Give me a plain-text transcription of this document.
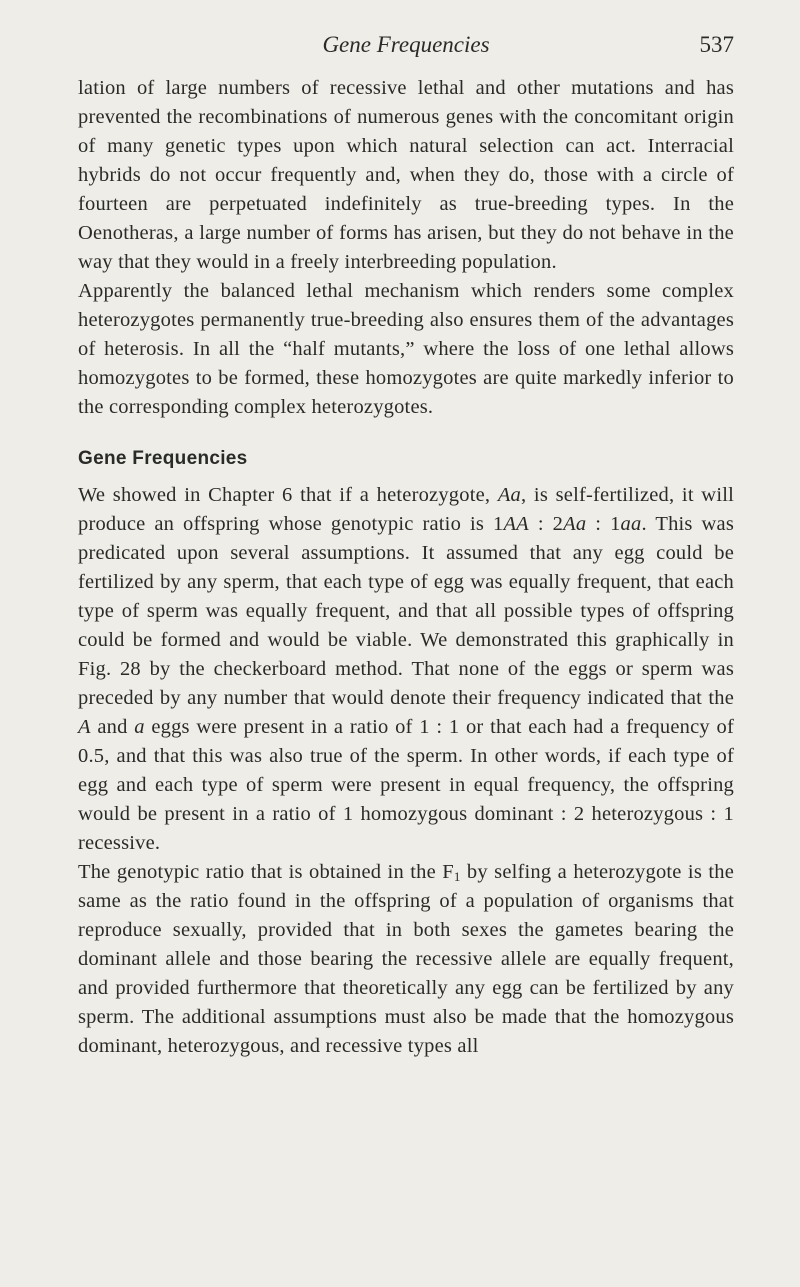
Gene Frequencies	537

lation of large numbers of recessive lethal and other mutations and has prevented the recombinations of numerous genes with the concomitant origin of many genetic types upon which natural selection can act. Interracial hybrids do not occur frequently and, when they do, those with a circle of fourteen are perpetuated indefinitely as true-breeding types. In the Oenotheras, a large number of forms has arisen, but they do not behave in the way that they would in a freely interbreeding population.

Apparently the balanced lethal mechanism which renders some complex heterozygotes permanently true-breeding also ensures them of the advantages of heterosis. In all the “half mutants,” where the loss of one lethal allows homozygotes to be formed, these homozygotes are quite markedly inferior to the corresponding complex heterozygotes.

Gene Frequencies

We showed in Chapter 6 that if a heterozygote, Aa, is self-fertilized, it will produce an offspring whose genotypic ratio is 1AA : 2Aa : 1aa. This was predicated upon several assumptions. It assumed that any egg could be fertilized by any sperm, that each type of egg was equally frequent, that each type of sperm was equally frequent, and that all possible types of offspring could be formed and would be viable. We demonstrated this graphically in Fig. 28 by the checkerboard method. That none of the eggs or sperm was preceded by any number that would denote their frequency indicated that the A and a eggs were present in a ratio of 1 : 1 or that each had a frequency of 0.5, and that this was also true of the sperm. In other words, if each type of egg and each type of sperm were present in equal frequency, the offspring would be present in a ratio of 1 homozygous dominant : 2 heterozygous : 1 recessive.

The genotypic ratio that is obtained in the $F_1$ by selfing a heterozygote is the same as the ratio found in the offspring of a population of organisms that reproduce sexually, provided that in both sexes the gametes bearing the dominant allele and those bearing the recessive allele are equally frequent, and provided furthermore that theoretically any egg can be fertilized by any sperm. The additional assumptions must also be made that the homozygous dominant, heterozygous, and recessive types all
